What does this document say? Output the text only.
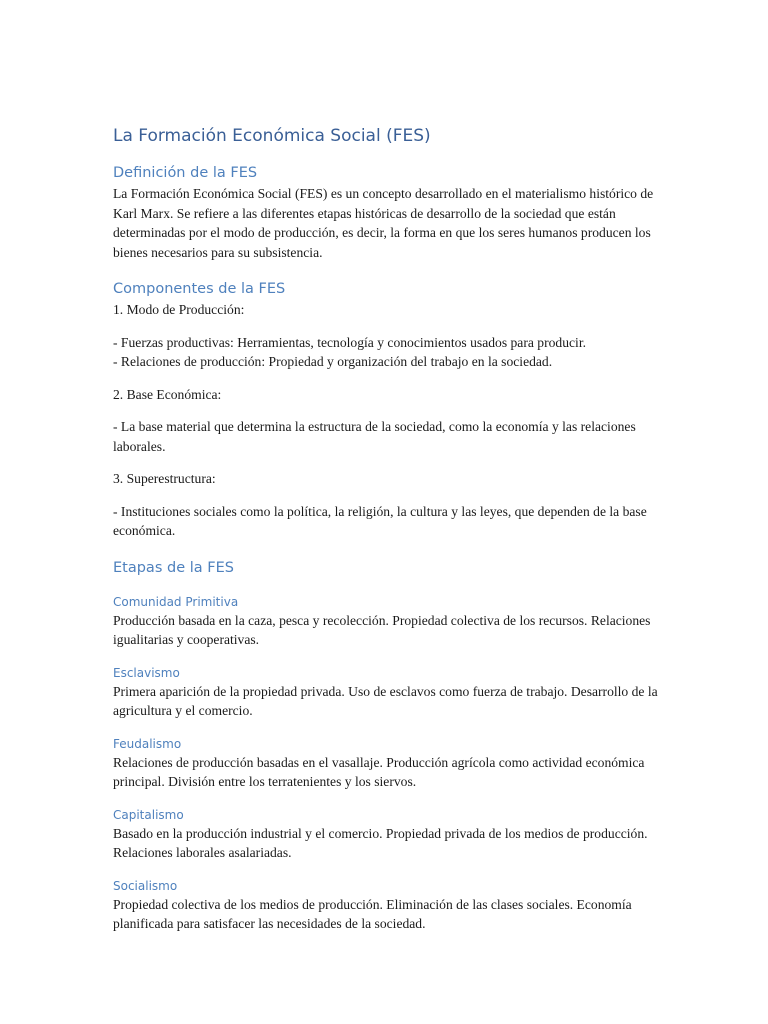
La Formación Económica Social (FES)
Definición de la FES

La Formación Económica Social (FES) es un concepto desarrollado en el materialismo histórico de Karl Marx. Se refiere a las diferentes etapas históricas de desarrollo de la sociedad que están determinadas por el modo de producción, es decir, la forma en que los seres humanos producen los bienes necesarios para su subsistencia.

Componentes de la FES

1. Modo de Producción:

- Fuerzas productivas: Herramientas, tecnología y conocimientos usados para producir.

- Relaciones de producción: Propiedad y organización del trabajo en la sociedad.

2. Base Económica:

- La base material que determina la estructura de la sociedad, como la economía y las relaciones laborales.

3. Superestructura:

- Instituciones sociales como la política, la religión, la cultura y las leyes, que dependen de la base económica.

Etapas de la FES
Comunidad Primitiva

Producción basada en la caza, pesca y recolección. Propiedad colectiva de los recursos. Relaciones igualitarias y cooperativas.

Esclavismo

Primera aparición de la propiedad privada. Uso de esclavos como fuerza de trabajo. Desarrollo de la agricultura y el comercio.

Feudalismo

Relaciones de producción basadas en el vasallaje. Producción agrícola como actividad económica principal. División entre los terratenientes y los siervos.

Capitalismo

Basado en la producción industrial y el comercio. Propiedad privada de los medios de producción. Relaciones laborales asalariadas.

Socialismo

Propiedad colectiva de los medios de producción. Eliminación de las clases sociales. Economía planificada para satisfacer las necesidades de la sociedad.
